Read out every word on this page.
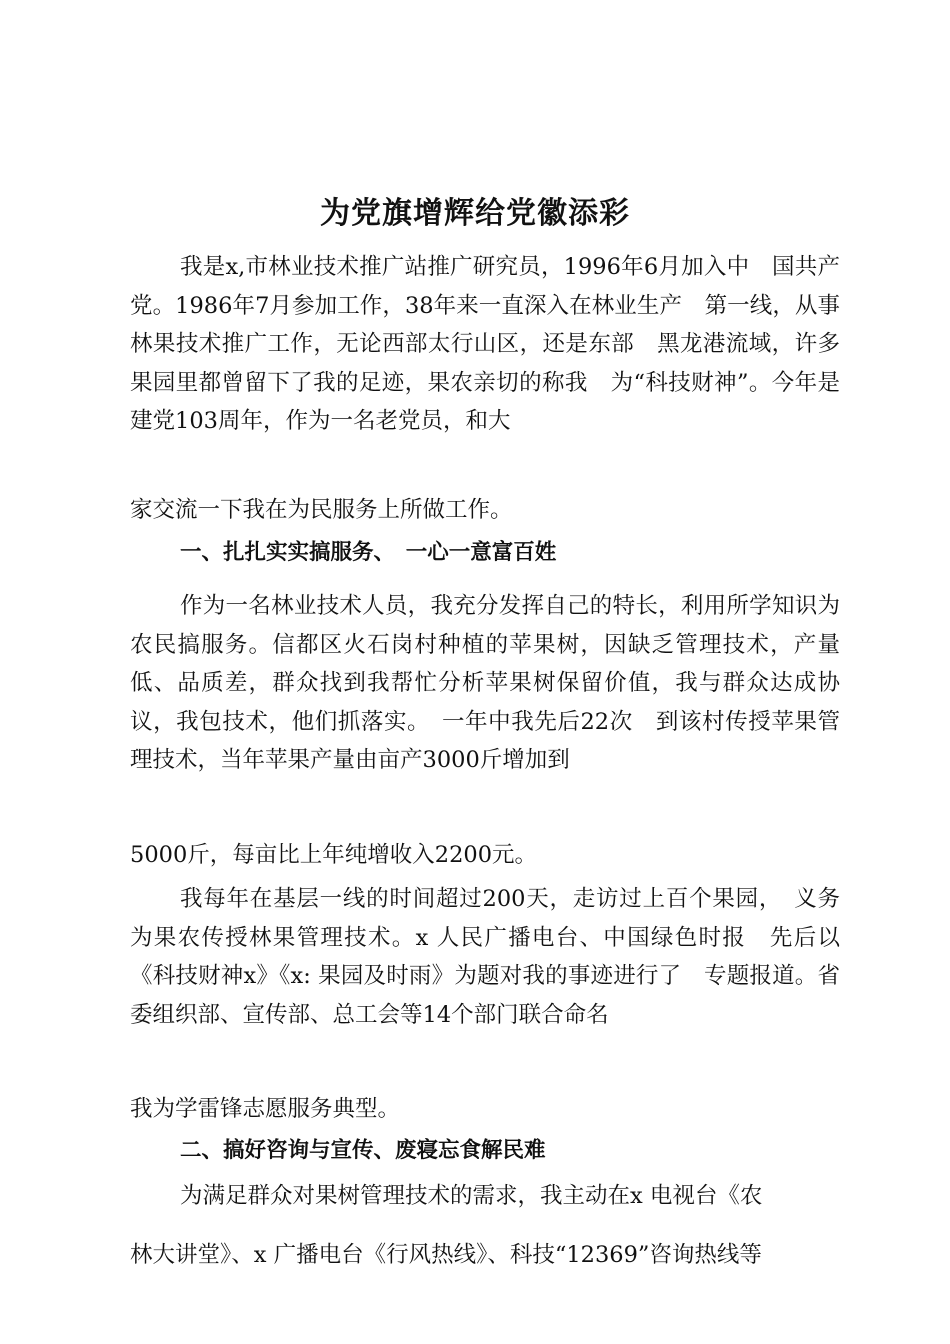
为党旗增辉给党徽添彩
我是x,市林业技术推广站推广研究员，1996年6月加入中　国共产党。1986年7月参加工作，38年来一直深入在林业生产　第一线，从事林果技术推广工作，无论西部太行山区，还是东部　黑龙港流域，许多果园里都曾留下了我的足迹，果农亲切的称我　为“科技财神”。今年是建党103周年，作为一名老党员，和大
家交流一下我在为民服务上所做工作。
一、扎扎实实搞服务、　一心一意富百姓
作为一名林业技术人员，我充分发挥自己的特长，利用所学知识为农民搞服务。信都区火石岗村种植的苹果树，因缺乏管理技术，产量低、品质差，群众找到我帮忙分析苹果树保留价值，我与群众达成协议，我包技术，他们抓落实。　一年中我先后22次　到该村传授苹果管理技术，当年苹果产量由亩产3000斤增加到
5000斤，每亩比上年纯增收入2200元。
我每年在基层一线的时间超过200天，走访过上百个果园，　义务为果农传授林果管理技术。x 人民广播电台、中国绿色时报　先后以《科技财神x》《x: 果园及时雨》为题对我的事迹进行了　专题报道。省委组织部、宣传部、总工会等14个部门联合命名
我为学雷锋志愿服务典型。
二、搞好咨询与宣传、废寝忘食解民难
为满足群众对果树管理技术的需求，我主动在x 电视台《农
林大讲堂》、x 广播电台《行风热线》、科技“12369”咨询热线等
